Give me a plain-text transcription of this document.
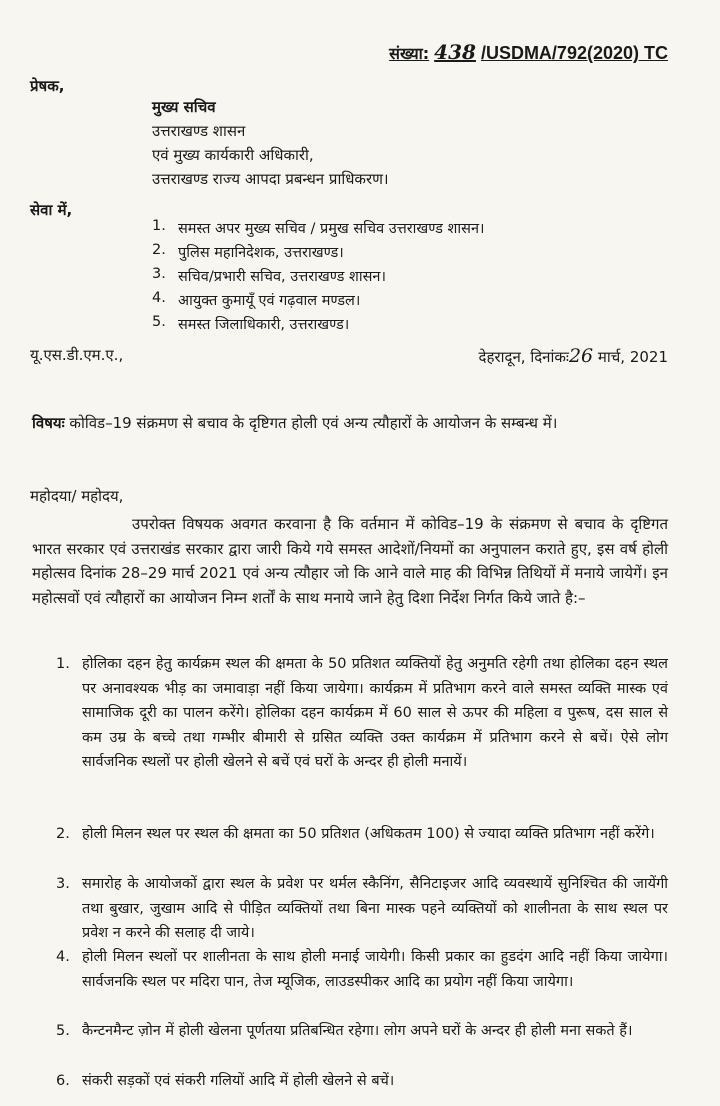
संख्या: 438 /USDMA/792(2020) TC
प्रेषक,
मुख्य सचिव
उत्तराखण्ड शासन
एवं मुख्य कार्यकारी अधिकारी,
उत्तराखण्ड राज्य आपदा प्रबन्धन प्राधिकरण।
सेवा में,
1. समस्त अपर मुख्य सचिव / प्रमुख सचिव उत्तराखण्ड शासन।
2. पुलिस महानिदेशक, उत्तराखण्ड।
3. सचिव/प्रभारी सचिव, उत्तराखण्ड शासन।
4. आयुक्त कुमायूँ एवं गढ़वाल मण्डल।
5. समस्त जिलाधिकारी, उत्तराखण्ड।
यू.एस.डी.एम.ए.,	देहरादून, दिनांकः26 मार्च, 2021
विषयः कोविड–19 संक्रमण से बचाव के दृष्टिगत होली एवं अन्य त्यौहारों के आयोजन के सम्बन्ध में।
महोदया/ महोदय,
उपरोक्त विषयक अवगत करवाना है कि वर्तमान में कोविड–19 के संक्रमण से बचाव के दृष्टिगत भारत सरकार एवं उत्तराखंड सरकार द्वारा जारी किये गये समस्त आदेशों/नियमों का अनुपालन कराते हुए, इस वर्ष होली महोत्सव दिनांक 28–29 मार्च 2021 एवं अन्य त्यौहार जो कि आने वाले माह की विभिन्न तिथियों में मनाये जायेगें। इन महोत्सवों एवं त्यौहारों का आयोजन निम्न शर्तों के साथ मनाये जाने हेतु दिशा निर्देश निर्गत किये जाते है:–
1. होलिका दहन हेतु कार्यक्रम स्थल की क्षमता के 50 प्रतिशत व्यक्तियों हेतु अनुमति रहेगी तथा होलिका दहन स्थल पर अनावश्यक भीड़ का जमावाड़ा नहीं किया जायेगा। कार्यक्रम में प्रतिभाग करने वाले समस्त व्यक्ति मास्क एवं सामाजिक दूरी का पालन करेंगे। होलिका दहन कार्यक्रम में 60 साल से ऊपर की महिला व पुरूष, दस साल से कम उम्र के बच्चे तथा गम्भीर बीमारी से ग्रसित व्यक्ति उक्त कार्यक्रम में प्रतिभाग करने से बचें। ऐसे लोग सार्वजनिक स्थलों पर होली खेलने से बचें एवं घरों के अन्दर ही होली मनायें।
2. होली मिलन स्थल पर स्थल की क्षमता का 50 प्रतिशत (अधिकतम 100) से ज्यादा व्यक्ति प्रतिभाग नहीं करेंगे।
3. समारोह के आयोजकों द्वारा स्थल के प्रवेश पर थर्मल स्कैनिंग, सैनिटाइजर आदि व्यवस्थायें सुनिश्चित की जायेंगी तथा बुखार, जुखाम आदि से पीड़ित व्यक्तियों तथा बिना मास्क पहने व्यक्तियों को शालीनता के साथ स्थल पर प्रवेश न करने की सलाह दी जाये।
4. होली मिलन स्थलों पर शालीनता के साथ होली मनाई जायेगी। किसी प्रकार का हुडदंग आदि नहीं किया जायेगा। सार्वजनकि स्थल पर मदिरा पान, तेज म्यूजिक, लाउडस्पीकर आदि का प्रयोग नहीं किया जायेगा।
5. कैन्टनमैन्ट ज़ोन में होली खेलना पूर्णतया प्रतिबन्धित रहेगा। लोग अपने घरों के अन्दर ही होली मना सकते हैं।
6. संकरी सड़कों एवं संकरी गलियों आदि में होली खेलने से बचें।
